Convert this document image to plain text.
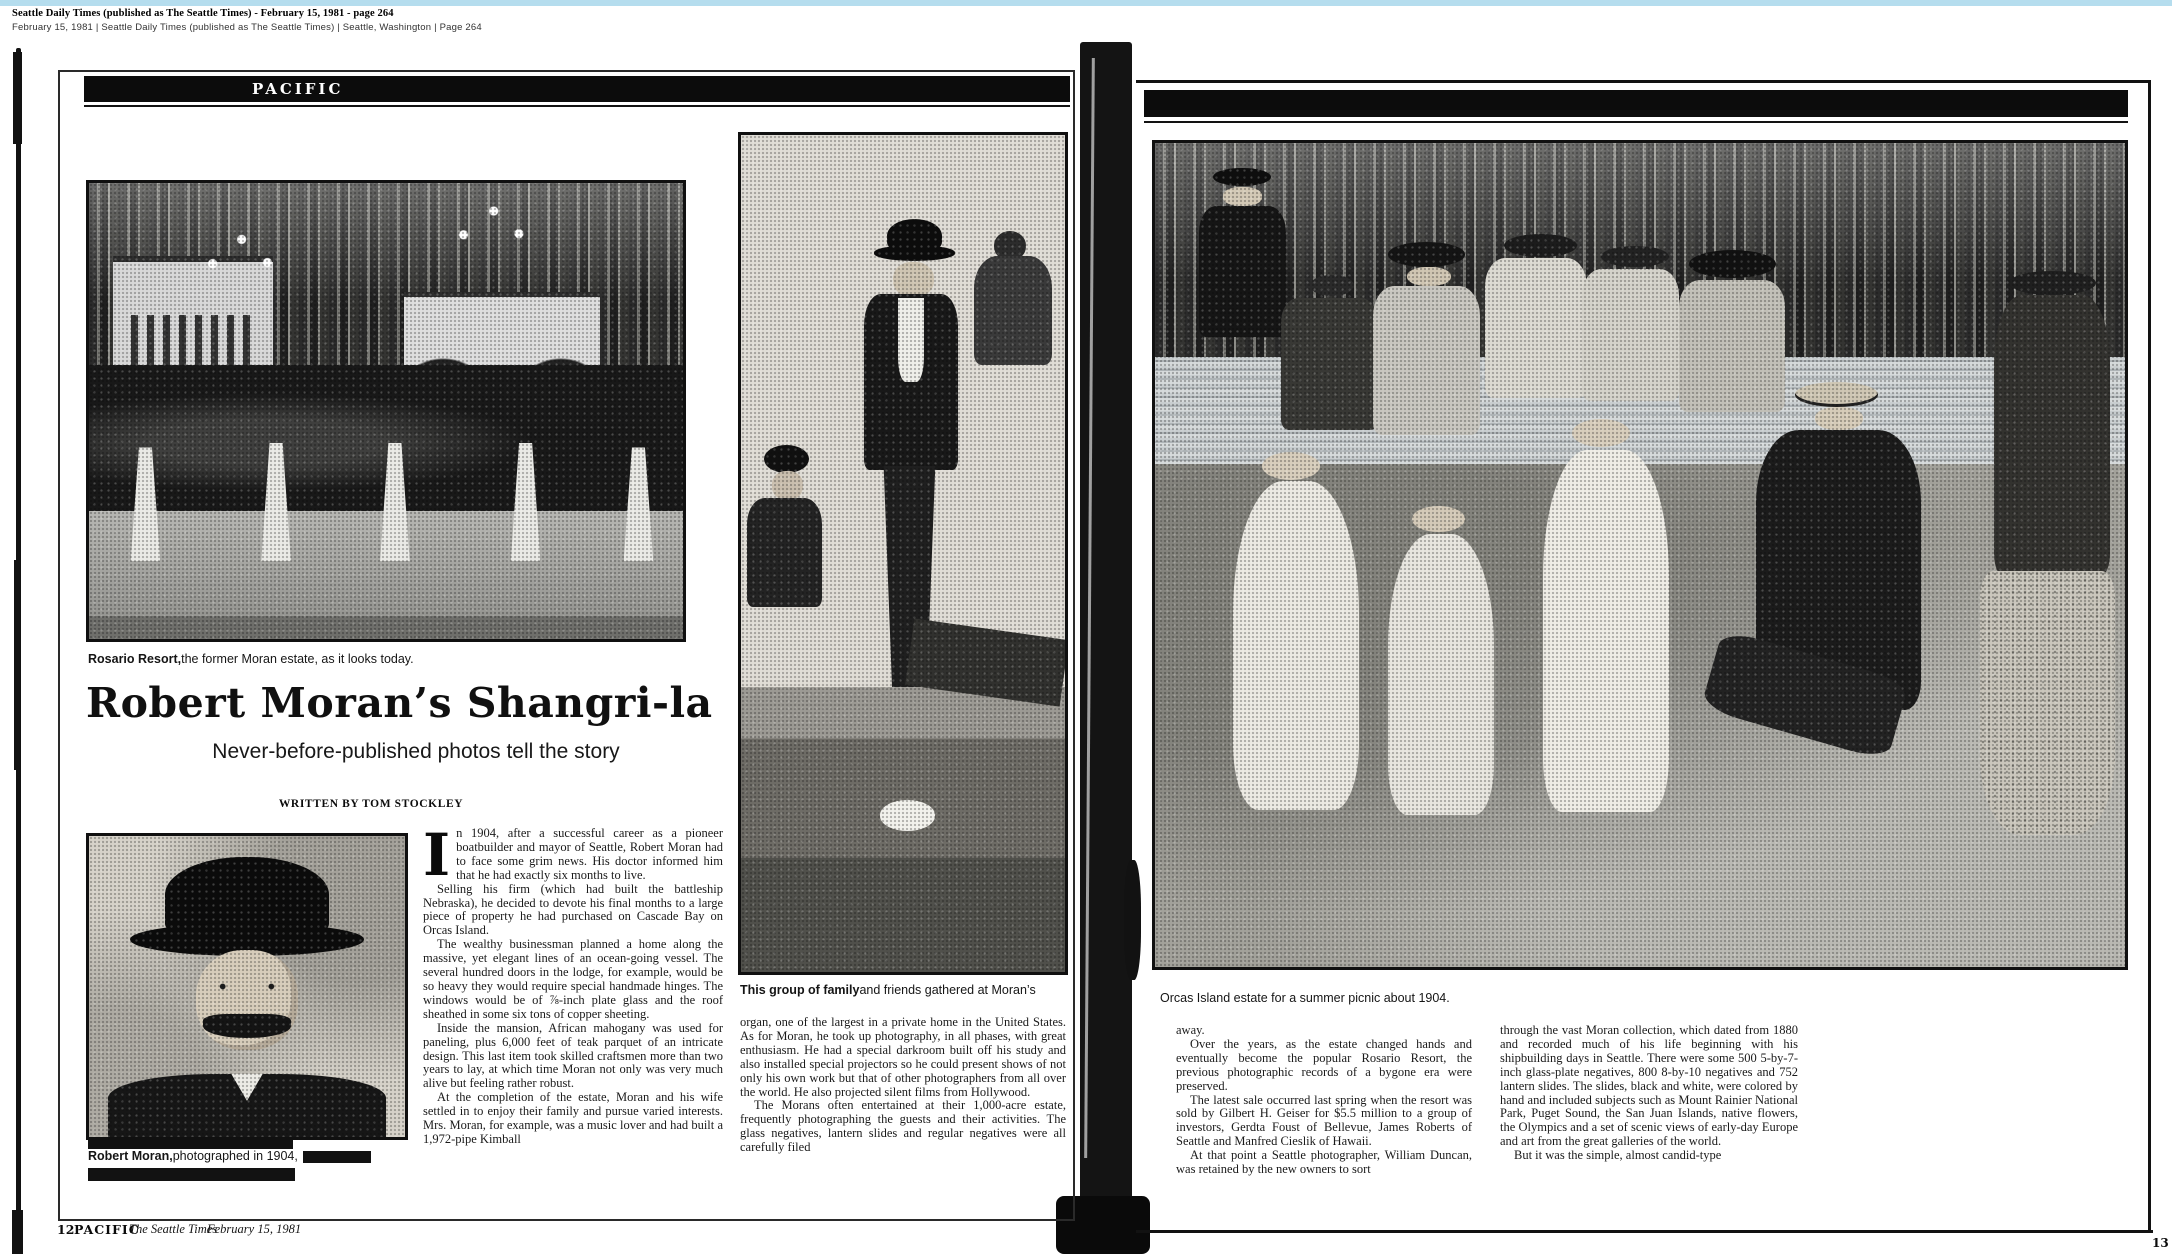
Seattle Daily Times (published as The Seattle Times) - February 15, 1981 - page 264
February 15, 1981 | Seattle Daily Times (published as The Seattle Times) | Seattle, Washington | Page 264
PACIFIC
Rosario Resort, the former Moran estate, as it looks today.
Robert Moran’s Shangri-la
Never-before-published photos tell the story
WRITTEN BY TOM STOCKLEY
Robert Moran, photographed in 1904,

In 1904, after a successful career as a pioneer boatbuilder and mayor of Seattle, Robert Moran had to face some grim news. His doctor informed him that he had exactly six months to live.

Selling his firm (which had built the battleship Nebraska), he decided to devote his final months to a large piece of property he had purchased on Cascade Bay on Orcas Island.

The wealthy businessman planned a home along the massive, yet elegant lines of an ocean-going vessel. The several hundred doors in the lodge, for example, would be so heavy they would require special handmade hinges. The windows would be of ⅞-inch plate glass and the roof sheathed in some six tons of copper sheeting.

Inside the mansion, African mahogany was used for paneling, plus 6,000 feet of teak parquet of an intricate design. This last item took skilled craftsmen more than two years to lay, at which time Moran not only was very much alive but feeling rather robust.

At the completion of the estate, Moran and his wife settled in to enjoy their family and pursue varied interests. Mrs. Moran, for example, was a music lover and had built a 1,972-pipe Kimball

This group of family and friends gathered at Moran’s

organ, one of the largest in a private home in the United States. As for Moran, he took up photography, in all phases, with great enthusiasm. He had a special darkroom built off his study and also installed special projectors so he could present shows of not only his own work but that of other photographers from all over the world. He also projected silent films from Hollywood.

The Morans often entertained at their 1,000-acre estate, frequently photographing the guests and their activities. The glass negatives, lantern slides and regular negatives were all carefully filed

12 PACIFIC
The Seattle Times
February 15, 1981
Orcas Island estate for a summer picnic about 1904.

away.

Over the years, as the estate changed hands and eventually become the popular Rosario Resort, the previous photographic records of a bygone era were preserved.

The latest sale occurred last spring when the resort was sold by Gilbert H. Geiser for $5.5 million to a group of investors, Gerdta Foust of Bellevue, James Roberts of Seattle and Manfred Cieslik of Hawaii.

At that point a Seattle photographer, William Duncan, was retained by the new owners to sort

through the vast Moran collection, which dated from 1880 and recorded much of his life beginning with his shipbuilding days in Seattle. There were some 500 5-by-7-inch glass-plate negatives, 800 8-by-10 negatives and 752 lantern slides. The slides, black and white, were colored by hand and included subjects such as Mount Rainier National Park, Puget Sound, the San Juan Islands, native flowers, the Olympics and a set of scenic views of early-day Europe and art from the great galleries of the world.

But it was the simple, almost candid-type

13
